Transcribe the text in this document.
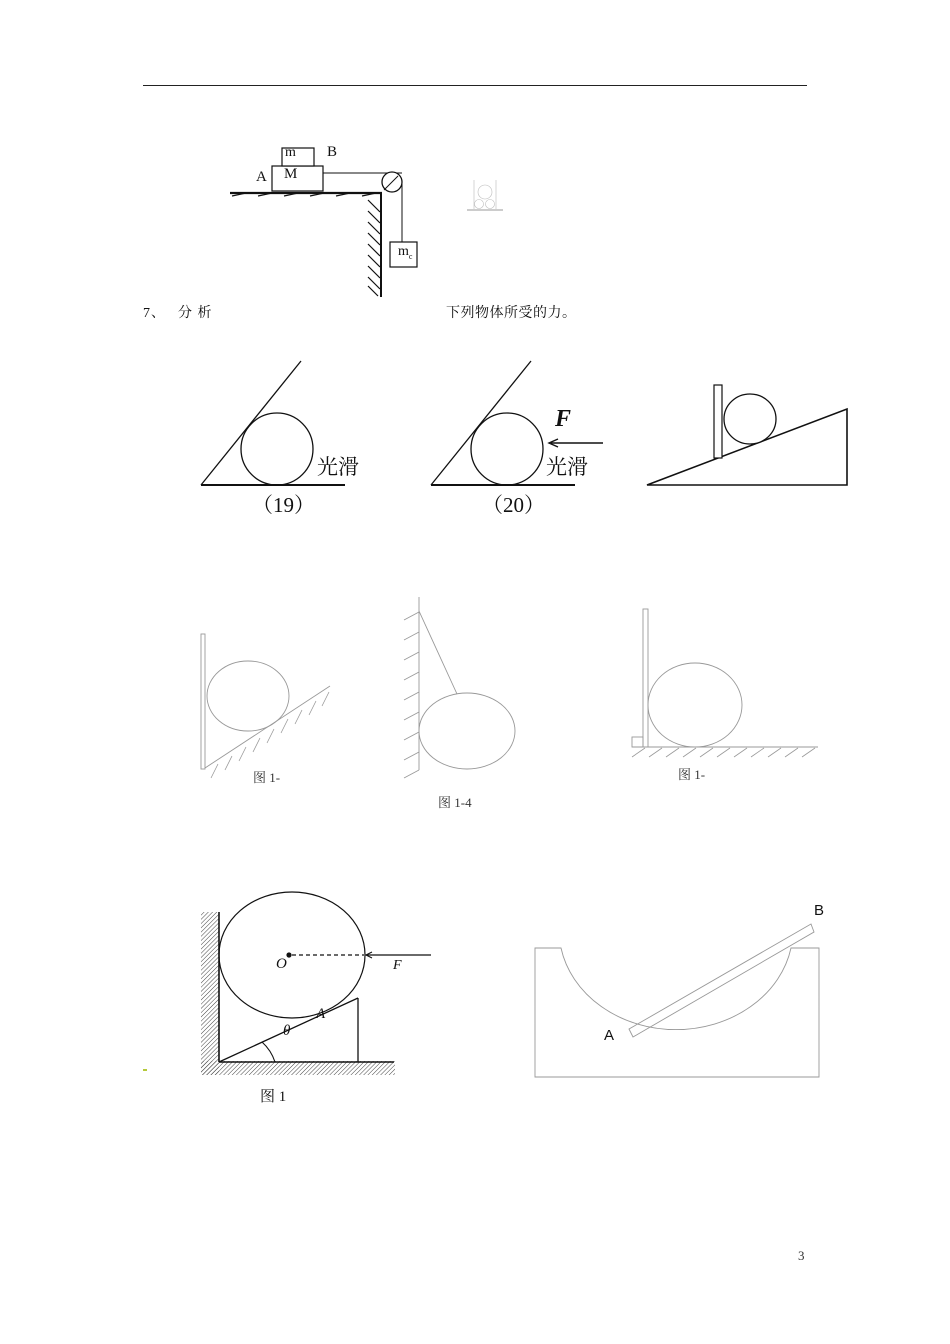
A M
m B
$m_c$
7、 分 析	下列物体所受的力。
光滑
（19）
F
光滑
（20）
图 1-
图 1-4
图 1-
O	F
A
θ
图 1
A
B
3
